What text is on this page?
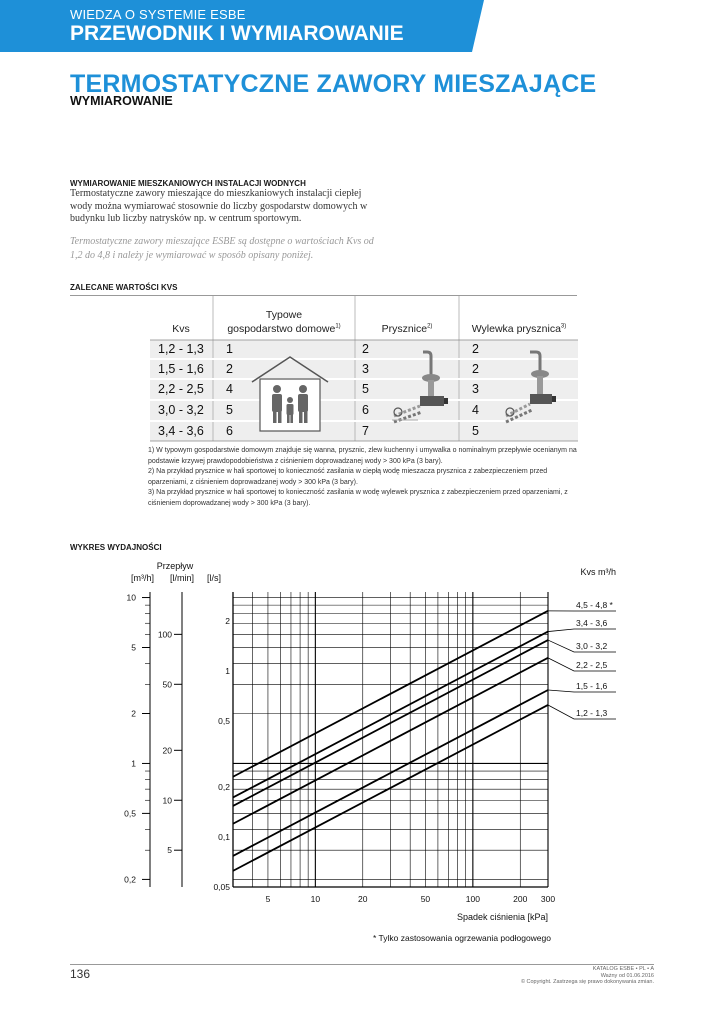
WIEDZA O SYSTEMIE ESBE
PRZEWODNIK I WYMIAROWANIE
TERMOSTATYCZNE ZAWORY MIESZAJĄCE
WYMIAROWANIE
WYMIAROWANIE MIESZKANIOWYCH INSTALACJI WODNYCH
Termostatyczne zawory mieszające do mieszkaniowych instalacji ciepłej wody można wymiarować stosownie do liczby gospodarstw domowych w budynku lub liczby natrysków np. w centrum sportowym.
Termostatyczne zawory mieszające ESBE są dostępne o wartościach Kvs od 1,2 do 4,8 i należy je wymiarować w sposób opisany poniżej.
ZALECANE WARTOŚCI KVS
Kvs
Typowe
gospodarstwo domowe$^{1)}$	Prysznice$^{2)}$	Wylewka prysznica$^{3)}$
1,2 - 1,3 1	2	2
1,5 - 1,6 2	3	2
2,2 - 2,5 4	5	3
3,0 - 3,2 5	6	4
3,4 - 3,6 6	7	5
1) W typowym gospodarstwie domowym znajduje się wanna, prysznic, zlew kuchenny i umywalka o nominalnym przepływie ocenianym na podstawie krzywej prawdopodobieństwa z ciśnieniem doprowadzanej wody > 300 kPa (3 bary).
2) Na przykład prysznice w hali sportowej to konieczność zasilania w ciepłą wodę mieszacza prysznica z zabezpieczeniem przed oparzeniami, z ciśnieniem doprowadzanej wody > 300 kPa (3 bary).
3) Na przykład prysznice w hali sportowej to konieczność zasilania w wodę wylewek prysznica z zabezpieczeniem przed oparzeniami, z ciśnieniem doprowadzanej wody > 300 kPa (3 bary).
WYKRES WYDAJNOŚCI
10
5
2
1
0,5
0,2
100
50
20
10
5
2
1
0,5
0,2
0,1
0,05
5	10	20	50	100	200 300
Przepływ
[m³/h] [l/min] [l/s]
Spadek ciśnienia [kPa]
Kvs m³/h
* Tylko zastosowania ogrzewania podłogowego
4,5 - 4,8 *
3,4 - 3,6
3,0 - 3,2
2,2 - 2,5
1,5 - 1,6
1,2 - 1,3
136	KATALOG ESBE • PL • A
Ważny od 01.06.2016
© Copyright. Zastrzega się prawo dokonywania zmian.
